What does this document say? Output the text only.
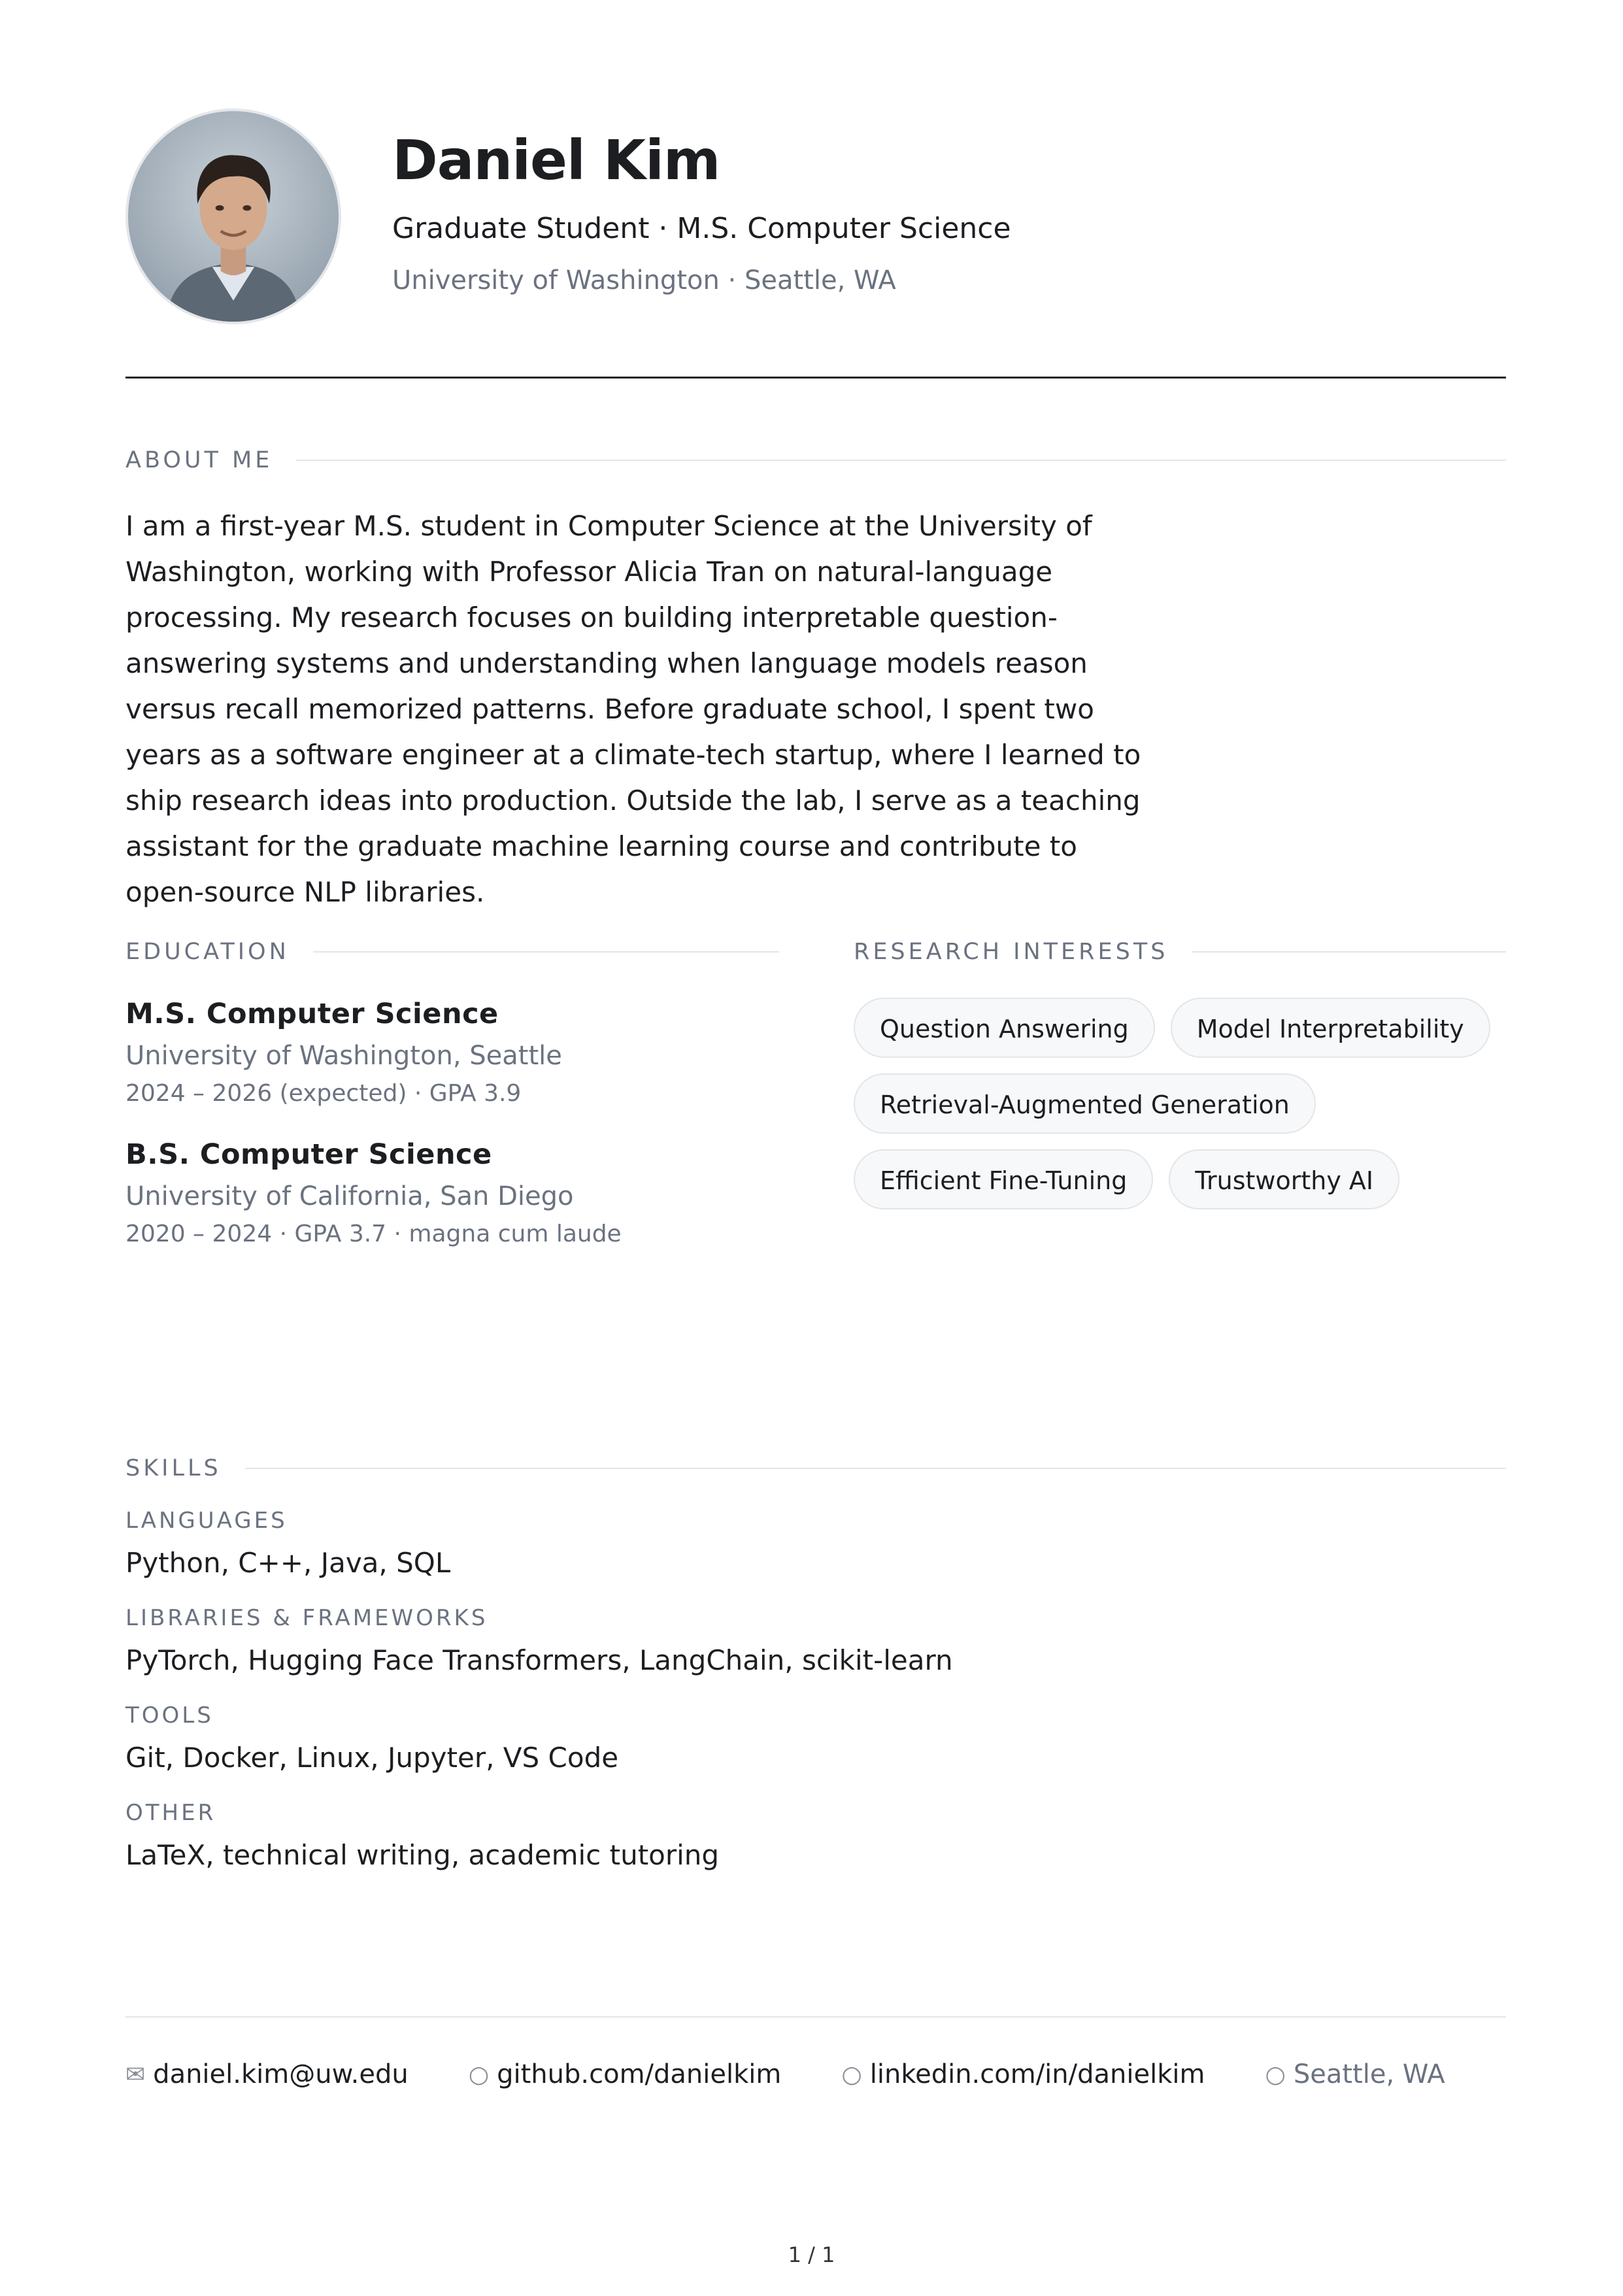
Daniel Kim
Graduate Student · M.S. Computer Science
University of Washington · Seattle, WA
ABOUT ME

I am a first-year M.S. student in Computer Science at the University of Washington, working with Professor Alicia Tran on natural-language processing. My research focuses on building interpretable question-answering systems and understanding when language models reason versus recall memorized patterns. Before graduate school, I spent two years as a software engineer at a climate-tech startup, where I learned to ship research ideas into production. Outside the lab, I serve as a teaching assistant for the graduate machine learning course and contribute to open-source NLP libraries.

EDUCATION
M.S. Computer Science
University of Washington, Seattle
2024 – 2026 (expected) · GPA 3.9
B.S. Computer Science
University of California, San Diego
2020 – 2024 · GPA 3.7 · magna cum laude
RESEARCH INTERESTS
Question Answering	Model Interpretability
Retrieval-Augmented Generation
Efficient Fine-Tuning	Trustworthy AI
SKILLS
LANGUAGES
Python, C++, Java, SQL
LIBRARIES & FRAMEWORKS
PyTorch, Hugging Face Transformers, LangChain, scikit-learn
TOOLS
Git, Docker, Linux, Jupyter, VS Code
OTHER
LaTeX, technical writing, academic tutoring
✉ daniel.kim@uw.edu	○ github.com/danielkim	○ linkedin.com/in/danielkim	○ Seattle, WA
1 / 1
